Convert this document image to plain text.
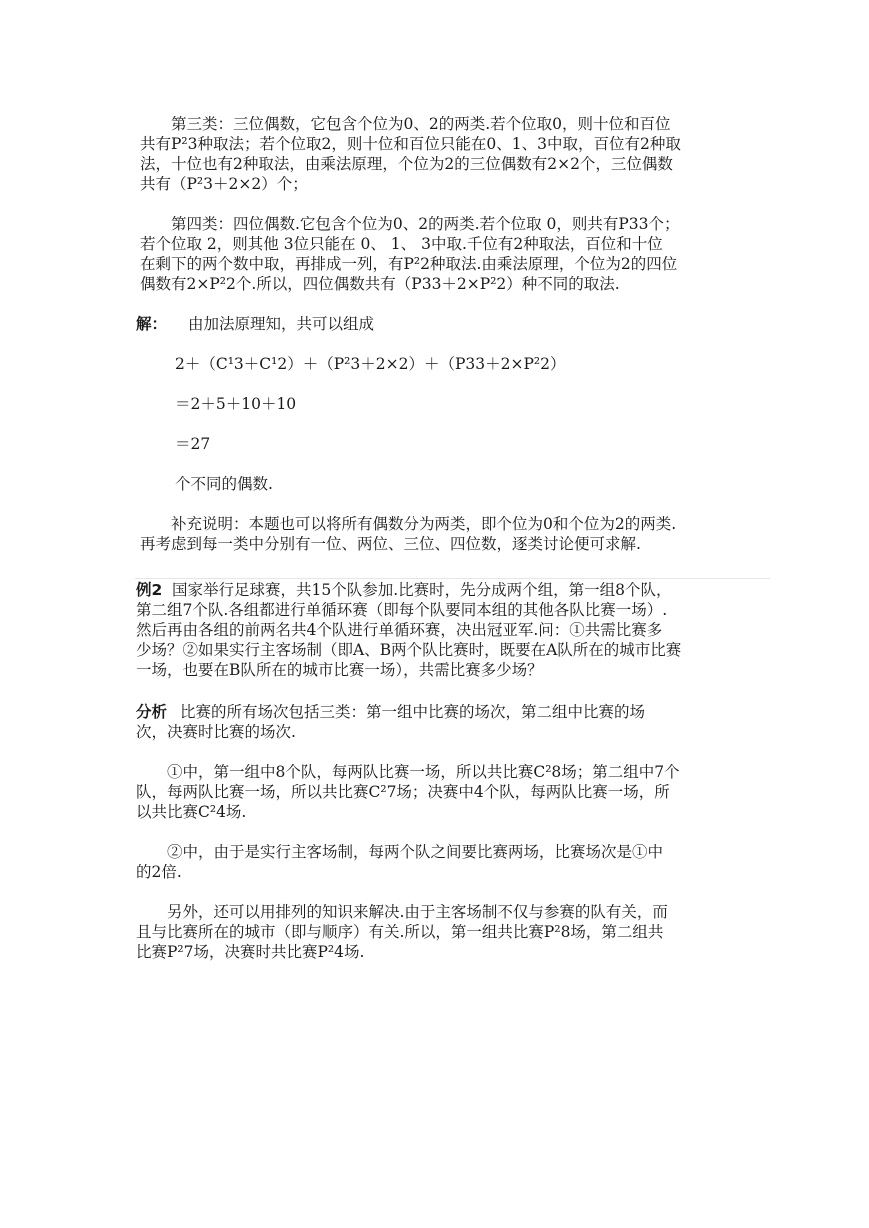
　　第三类：三位偶数，它包含个位为0、2的两类.若个位取0，则十位和百位
共有P²3种取法；若个位取2，则十位和百位只能在0、1、3中取，百位有2种取
法，十位也有2种取法，由乘法原理，个位为2的三位偶数有2×2个，三位偶数
共有（P²3＋2×2）个；
　　第四类：四位偶数.它包含个位为0、2的两类.若个位取 0，则共有P33个；
若个位取 2，则其他 3位只能在 0、 1、 3中取.千位有2种取法，百位和十位
在剩下的两个数中取，再排成一列，有P²2种取法.由乘法原理，个位为2的四位
偶数有2×P²2个.所以，四位偶数共有（P33＋2×P²2）种不同的取法.
解： 由加法原理知，共可以组成
2＋（C¹3＋C¹2）＋（P²3＋2×2）＋（P33＋2×P²2）
＝2＋5＋10＋10
＝27
个不同的偶数.
　　补充说明：本题也可以将所有偶数分为两类，即个位为0和个位为2的两类.
再考虑到每一类中分别有一位、两位、三位、四位数，逐类讨论便可求解.
例2 国家举行足球赛，共15个队参加.比赛时，先分成两个组，第一组8个队，
第二组7个队.各组都进行单循环赛（即每个队要同本组的其他各队比赛一场）.
然后再由各组的前两名共4个队进行单循环赛，决出冠亚军.问：①共需比赛多
少场？②如果实行主客场制（即A、B两个队比赛时，既要在A队所在的城市比赛
一场，也要在B队所在的城市比赛一场），共需比赛多少场？
分析 比赛的所有场次包括三类：第一组中比赛的场次，第二组中比赛的场
次，决赛时比赛的场次.
　　①中，第一组中8个队，每两队比赛一场，所以共比赛C²8场；第二组中7个
队，每两队比赛一场，所以共比赛C²7场；决赛中4个队，每两队比赛一场，所
以共比赛C²4场.
　　②中，由于是实行主客场制，每两个队之间要比赛两场，比赛场次是①中
的2倍.
　　另外，还可以用排列的知识来解决.由于主客场制不仅与参赛的队有关，而
且与比赛所在的城市（即与顺序）有关.所以，第一组共比赛P²8场，第二组共
比赛P²7场，决赛时共比赛P²4场.
